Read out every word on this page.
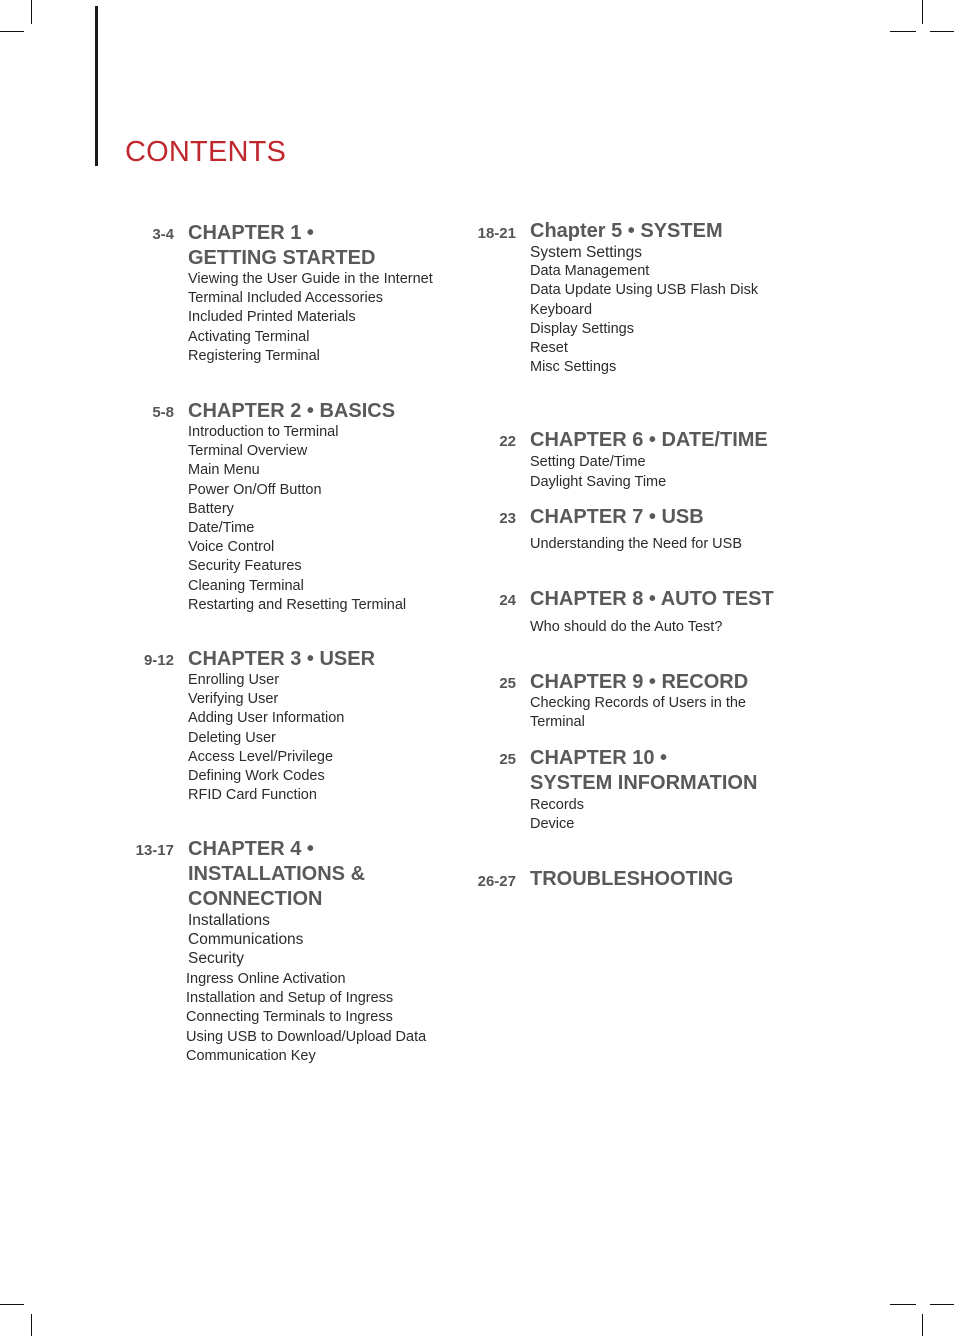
CONTENTS
3-4 CHAPTER 1 •
GETTING STARTED
Viewing the User Guide in the Internet
Terminal Included Accessories
Included Printed Materials
Activating Terminal
Registering Terminal
5-8 CHAPTER 2 • BASICS
Introduction to Terminal
Terminal Overview
Main Menu
Power On/Off Button
Battery
Date/Time
Voice Control
Security Features
Cleaning Terminal
Restarting and Resetting Terminal
9-12 CHAPTER 3 • USER
Enrolling User
Verifying User
Adding User Information
Deleting User
Access Level/Privilege
Defining Work Codes
RFID Card Function
13-17 CHAPTER 4 •
INSTALLATIONS &
CONNECTION
Installations
Communications
Security
Ingress Online Activation
Installation and Setup of Ingress
Connecting Terminals to Ingress
Using USB to Download/Upload Data
Communication Key
18-21 Chapter 5 • SYSTEM
System Settings
Data Management
Data Update Using USB Flash Disk
Keyboard
Display Settings
Reset
Misc Settings
22 CHAPTER 6 • DATE/TIME
Setting Date/Time
Daylight Saving Time
23 CHAPTER 7 • USB
Understanding the Need for USB
24 CHAPTER 8 • AUTO TEST
Who should do the Auto Test?
25 CHAPTER 9 • RECORD
Checking Records of Users in the
Terminal
25 CHAPTER 10 •
SYSTEM INFORMATION
Records
Device
26-27 TROUBLESHOOTING
